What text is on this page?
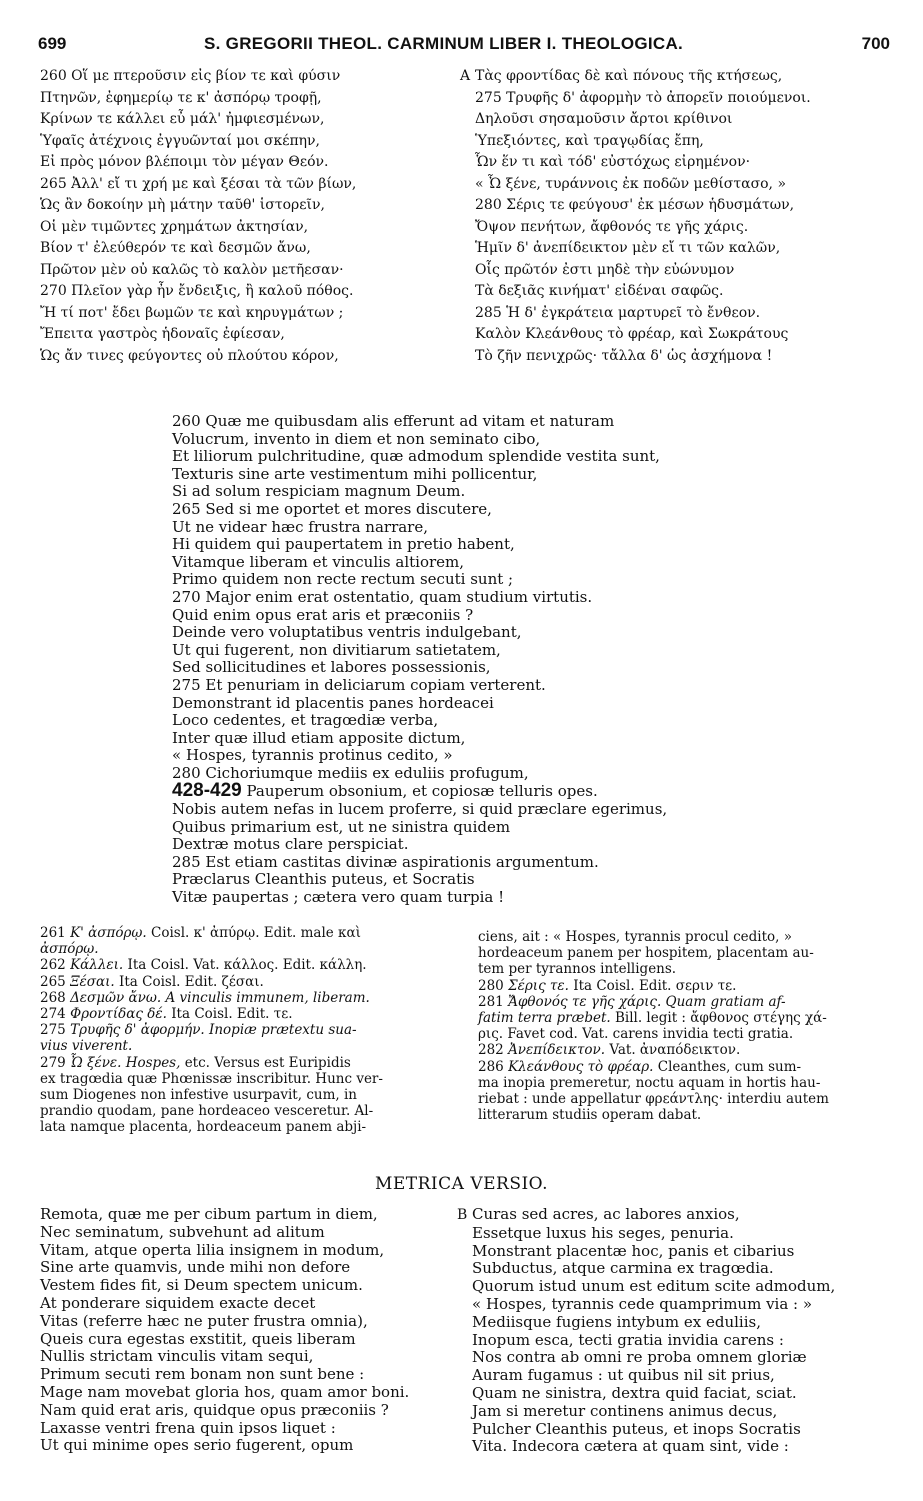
699	S. GREGORII THEOL. CARMINUM LIBER I. THEOLOGICA.	700
260 Οἵ με πτεροῦσιν εἰς βίον τε καὶ φύσιν
Πτηνῶν, ἐφημερίῳ τε κ' ἀσπόρῳ τροφῇ,
Κρίνων τε κάλλει εὖ μάλ' ἠμφιεσμένων,
Ὑφαῖς ἀτέχνοις ἐγγυῶνταί μοι σκέπην,
Εἰ πρὸς μόνον βλέποιμι τὸν μέγαν Θεόν.
265 Ἀλλ' εἴ τι χρή με καὶ ξέσαι τὰ τῶν βίων,
Ὡς ἂν δοκοίην μὴ μάτην ταῦθ' ἱστορεῖν,
Οἱ μὲν τιμῶντες χρημάτων ἀκτησίαν,
Βίον τ' ἐλεύθερόν τε καὶ δεσμῶν ἄνω,
Πρῶτον μὲν οὐ καλῶς τὸ καλὸν μετῆεσαν·
270 Πλεῖον γὰρ ἦν ἔνδειξις, ἢ καλοῦ πόθος.
Ἤ τί ποτ' ἔδει βωμῶν τε καὶ κηρυγμάτων ;
Ἔπειτα γαστρὸς ἡδοναῖς ἐφίεσαν,
Ὡς ἄν τινες φεύγοντες οὐ πλούτου κόρον,
A Τὰς φροντίδας δὲ καὶ πόνους τῆς κτήσεως,
275 Τρυφῆς δ' ἀφορμὴν τὸ ἀπορεῖν ποιούμενοι.
Δηλοῦσι σησαμοῦσιν ἄρτοι κρίθινοι
Ὑπεξιόντες, καὶ τραγῳδίας ἔπη,
Ὧν ἕν τι καὶ τόδ' εὐστόχως εἰρημένον·
« Ὦ ξένε, τυράννοις ἐκ ποδῶν μεθίστασο, »
280 Σέρις τε φεύγουσ' ἐκ μέσων ἡδυσμάτων,
Ὄψον πενήτων, ἄφθονός τε γῆς χάρις.
Ἡμῖν δ' ἀνεπίδεικτον μὲν εἴ τι τῶν καλῶν,
Οἷς πρῶτόν ἐστι μηδὲ τὴν εὐώνυμον
Τὰ δεξιᾶς κινήματ' εἰδέναι σαφῶς.
285 Ἡ δ' ἐγκράτεια μαρτυρεῖ τὸ ἔνθεον.
Καλὸν Κλεάνθους τὸ φρέαρ, καὶ Σωκράτους
Τὸ ζῆν πενιχρῶς· τἄλλα δ' ὡς ἀσχήμονα !
260 Quæ me quibusdam alis efferunt ad vitam et naturam
Volucrum, invento in diem et non seminato cibo,
Et liliorum pulchritudine, quæ admodum splendide vestita sunt,
Texturis sine arte vestimentum mihi pollicentur,
Si ad solum respiciam magnum Deum.
265 Sed si me oportet et mores discutere,
Ut ne videar hæc frustra narrare,
Hi quidem qui paupertatem in pretio habent,
Vitamque liberam et vinculis altiorem,
Primo quidem non recte rectum secuti sunt ;
270 Major enim erat ostentatio, quam studium virtutis.
Quid enim opus erat aris et præconiis ?
Deinde vero voluptatibus ventris indulgebant,
Ut qui fugerent, non divitiarum satietatem,
Sed sollicitudines et labores possessionis,
275 Et penuriam in deliciarum copiam verterent.
Demonstrant id placentis panes hordeacei
Loco cedentes, et tragœdiæ verba,
Inter quæ illud etiam apposite dictum,
« Hospes, tyrannis protinus cedito, »
280 Cichoriumque mediis ex eduliis profugum,
428-429 Pauperum obsonium, et copiosæ telluris opes.
Nobis autem nefas in lucem proferre, si quid præclare egerimus,
Quibus primarium est, ut ne sinistra quidem
Dextræ motus clare perspiciat.
285 Est etiam castitas divinæ aspirationis argumentum.
Præclarus Cleanthis puteus, et Socratis
Vitæ paupertas ; cætera vero quam turpia !
261 Κ' ἀσπόρῳ. Coisl. κ' ἀπύρῳ. Edit. male καὶ
ἀσπόρῳ.
262 Κάλλει. Ita Coisl. Vat. κάλλος. Edit. κάλλη.
265 Ξέσαι. Ita Coisl. Edit. ζέσαι.
268 Δεσμῶν ἄνω. A vinculis immunem, liberam.
274 Φροντίδας δέ. Ita Coisl. Edit. τε.
275 Τρυφῆς δ' ἀφορμήν. Inopiæ prætextu sua-
vius viverent.
279 Ὦ ξένε. Hospes, etc. Versus est Euripidis
ex tragœdia quæ Phœnissæ inscribitur. Hunc ver-
sum Diogenes non infestive usurpavit, cum, in
prandio quodam, pane hordeaceo vesceretur. Al-
lata namque placenta, hordeaceum panem abji-
ciens, ait : « Hospes, tyrannis procul cedito, »
hordeaceum panem per hospitem, placentam au-
tem per tyrannos intelligens.
280 Σέρις τε. Ita Coisl. Edit. σεριν τε.
281 Ἄφθονός τε γῆς χάρις. Quam gratiam af-
fatim terra præbet. Bill. legit : ἄφθονος στέγης χά-
ρις. Favet cod. Vat. carens invidia tecti gratia.
282 Ἀνεπίδεικτον. Vat. ἀναπόδεικτον.
286 Κλεάνθους τὸ φρέαρ. Cleanthes, cum sum-
ma inopia premeretur, noctu aquam in hortis hau-
riebat : unde appellatur φρεάντλης· interdiu autem
litterarum studiis operam dabat.
METRICA VERSIO.
Remota, quæ me per cibum partum in diem,
Nec seminatum, subvehunt ad alitum
Vitam, atque operta lilia insignem in modum,
Sine arte quamvis, unde mihi non defore
Vestem fides fit, si Deum spectem unicum.
At ponderare siquidem exacte decet
Vitas (referre hæc ne puter frustra omnia),
Queis cura egestas exstitit, queis liberam
Nullis strictam vinculis vitam sequi,
Primum secuti rem bonam non sunt bene :
Mage nam movebat gloria hos, quam amor boni.
Nam quid erat aris, quidque opus præconiis ?
Laxasse ventri frena quin ipsos liquet :
Ut qui minime opes serio fugerent, opum
B Curas sed acres, ac labores anxios,
Essetque luxus his seges, penuria.
Monstrant placentæ hoc, panis et cibarius
Subductus, atque carmina ex tragœdia.
Quorum istud unum est editum scite admodum,
« Hospes, tyrannis cede quamprimum via : »
Mediisque fugiens intybum ex eduliis,
Inopum esca, tecti gratia invidia carens :
Nos contra ab omni re proba omnem gloriæ
Auram fugamus : ut quibus nil sit prius,
Quam ne sinistra, dextra quid faciat, sciat.
Jam si meretur continens animus decus,
Pulcher Cleanthis puteus, et inops Socratis
Vita. Indecora cætera at quam sint, vide :
